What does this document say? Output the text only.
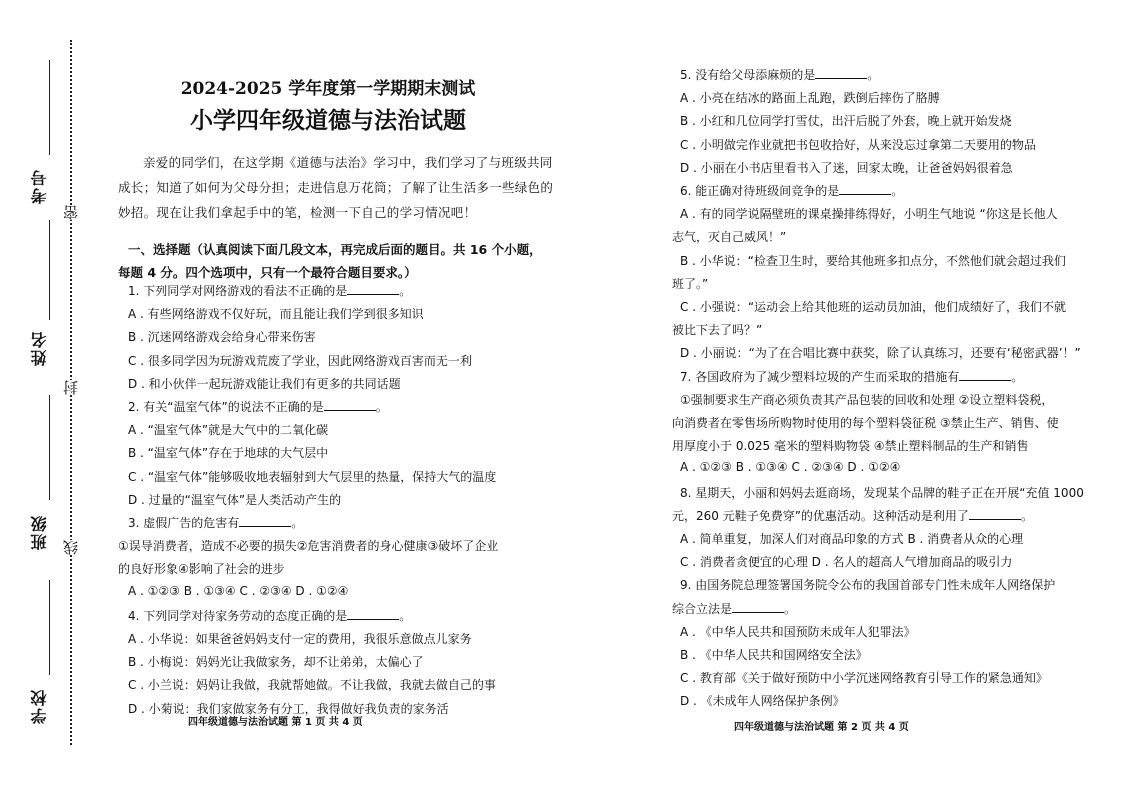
考号
姓名
班级
学校
密
封
线
2024-2025 学年度第一学期期末测试
小学四年级道德与法治试题
亲爱的同学们，在这学期《道德与法治》学习中，我们学习了与班级共同
成长；知道了如何为父母分担；走进信息万花筒；了解了让生活多一些绿色的
妙招。现在让我们拿起手中的笔，检测一下自己的学习情况吧！
一、选择题（认真阅读下面几段文本，再完成后面的题目。共 16 个小题，
每题 4 分。四个选项中，只有一个最符合题目要求。）
1. 下列同学对网络游戏的看法不正确的是	。
A . 有些网络游戏不仅好玩，而且能让我们学到很多知识
B . 沉迷网络游戏会给身心带来伤害
C . 很多同学因为玩游戏荒废了学业，因此网络游戏百害而无一利
D . 和小伙伴一起玩游戏能让我们有更多的共同话题
2. 有关“温室气体”的说法不正确的是	。
A . “温室气体”就是大气中的二氧化碳
B . “温室气体”存在于地球的大气层中
C . “温室气体”能够吸收地表辐射到大气层里的热量，保持大气的温度
D . 过量的“温室气体”是人类活动产生的
3. 虚假广告的危害有	。
①误导消费者，造成不必要的损失②危害消费者的身心健康③破坏了企业
的良好形象④影响了社会的进步
A . ①②③ B . ①③④ C . ②③④ D . ①②④
4. 下列同学对待家务劳动的态度正确的是	。
A . 小华说：如果爸爸妈妈支付一定的费用，我很乐意做点儿家务
B . 小梅说：妈妈光让我做家务，却不让弟弟，太偏心了
C . 小兰说：妈妈让我做，我就帮她做。不让我做，我就去做自己的事
D . 小菊说：我们家做家务有分工，我得做好我负责的家务活
四年级道德与法治试题 第 1 页 共 4 页
5. 没有给父母添麻烦的是	。
A . 小亮在结冰的路面上乱跑，跌倒后摔伤了胳膊
B . 小红和几位同学打雪仗，出汗后脱了外套，晚上就开始发烧
C . 小明做完作业就把书包收拾好，从来没忘过拿第二天要用的物品
D . 小丽在小书店里看书入了迷，回家太晚，让爸爸妈妈很着急
6. 能正确对待班级间竞争的是	。
A . 有的同学说隔壁班的课桌操排练得好，小明生气地说 “你这是长他人
志气，灭自己威风！”
B . 小华说：“检查卫生时，要给其他班多扣点分，不然他们就会超过我们
班了。”
C . 小强说：“运动会上给其他班的运动员加油，他们成绩好了，我们不就
被比下去了吗？”
D . 小丽说：“为了在合唱比赛中获奖，除了认真练习，还要有‘秘密武器’！”
7. 各国政府为了减少塑料垃圾的产生而采取的措施有	。
①强制要求生产商必须负责其产品包装的回收和处理 ②设立塑料袋税，
向消费者在零售场所购物时使用的每个塑料袋征税 ③禁止生产、销售、使
用厚度小于 0.025 毫米的塑料购物袋 ④禁止塑料制品的生产和销售
A . ①②③ B . ①③④ C . ②③④ D . ①②④
8. 星期天，小丽和妈妈去逛商场，发现某个品牌的鞋子正在开展“充值 1000
元，260 元鞋子免费穿”的优惠活动。这种活动是利用了	。
A . 简单重复，加深人们对商品印象的方式 B . 消费者从众的心理
C . 消费者贪便宜的心理 D . 名人的超高人气增加商品的吸引力
9. 由国务院总理签署国务院令公布的我国首部专门性未成年人网络保护
综合立法是	。
A . 《中华人民共和国预防未成年人犯罪法》
B . 《中华人民共和国网络安全法》
C . 教育部《关于做好预防中小学沉迷网络教育引导工作的紧急通知》
D . 《未成年人网络保护条例》
四年级道德与法治试题 第 2 页 共 4 页
